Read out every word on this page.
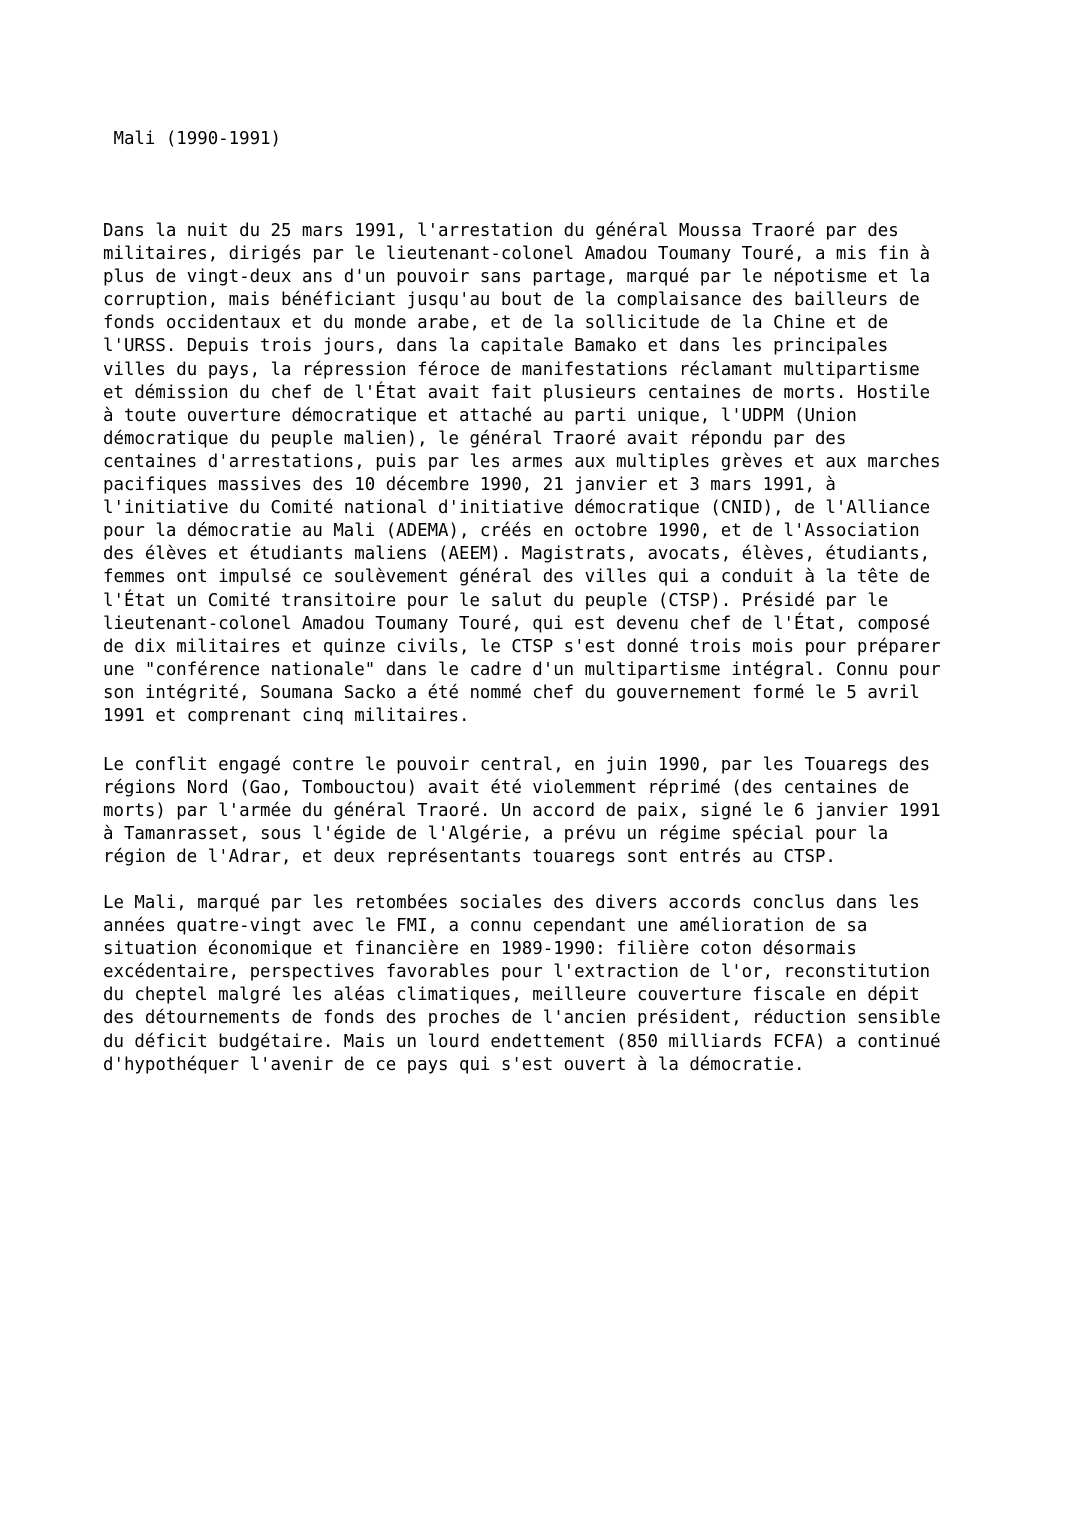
Mali (1990-1991)

Dans la nuit du 25 mars 1991, l'arrestation du général Moussa Traoré par des
militaires, dirigés par le lieutenant-colonel Amadou Toumany Touré, a mis fin à
plus de vingt-deux ans d'un pouvoir sans partage, marqué par le népotisme et la
corruption, mais bénéficiant jusqu'au bout de la complaisance des bailleurs de
fonds occidentaux et du monde arabe, et de la sollicitude de la Chine et de
l'URSS. Depuis trois jours, dans la capitale Bamako et dans les principales
villes du pays, la répression féroce de manifestations réclamant multipartisme
et démission du chef de l'État avait fait plusieurs centaines de morts. Hostile
à toute ouverture démocratique et attaché au parti unique, l'UDPM (Union
démocratique du peuple malien), le général Traoré avait répondu par des
centaines d'arrestations, puis par les armes aux multiples grèves et aux marches
pacifiques massives des 10 décembre 1990, 21 janvier et 3 mars 1991, à
l'initiative du Comité national d'initiative démocratique (CNID), de l'Alliance
pour la démocratie au Mali (ADEMA), créés en octobre 1990, et de l'Association
des élèves et étudiants maliens (AEEM). Magistrats, avocats, élèves, étudiants,
femmes ont impulsé ce soulèvement général des villes qui a conduit à la tête de
l'État un Comité transitoire pour le salut du peuple (CTSP). Présidé par le
lieutenant-colonel Amadou Toumany Touré, qui est devenu chef de l'État, composé
de dix militaires et quinze civils, le CTSP s'est donné trois mois pour préparer
une "conférence nationale" dans le cadre d'un multipartisme intégral. Connu pour
son intégrité, Soumana Sacko a été nommé chef du gouvernement formé le 5 avril
1991 et comprenant cinq militaires.

Le conflit engagé contre le pouvoir central, en juin 1990, par les Touaregs des
régions Nord (Gao, Tombouctou) avait été violemment réprimé (des centaines de
morts) par l'armée du général Traoré. Un accord de paix, signé le 6 janvier 1991
à Tamanrasset, sous l'égide de l'Algérie, a prévu un régime spécial pour la
région de l'Adrar, et deux représentants touaregs sont entrés au CTSP.

Le Mali, marqué par les retombées sociales des divers accords conclus dans les
années quatre-vingt avec le FMI, a connu cependant une amélioration de sa
situation économique et financière en 1989-1990: filière coton désormais
excédentaire, perspectives favorables pour l'extraction de l'or, reconstitution
du cheptel malgré les aléas climatiques, meilleure couverture fiscale en dépit
des détournements de fonds des proches de l'ancien président, réduction sensible
du déficit budgétaire. Mais un lourd endettement (850 milliards FCFA) a continué
d'hypothéquer l'avenir de ce pays qui s'est ouvert à la démocratie.
